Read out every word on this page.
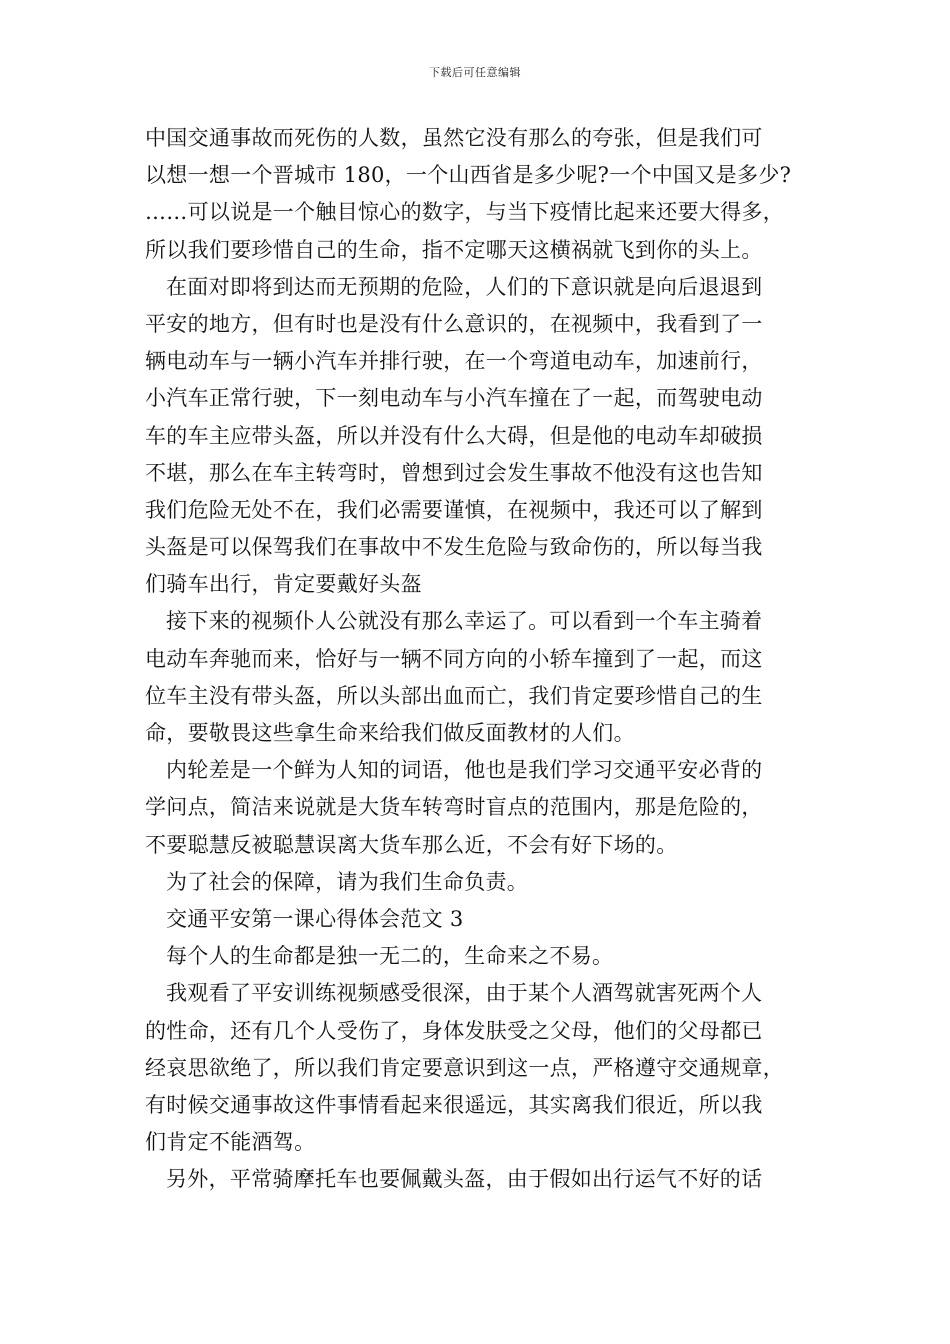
下载后可任意编辑
中国交通事故而死伤的人数，虽然它没有那么的夸张，但是我们可
以想一想一个晋城市 180，一个山西省是多少呢?一个中国又是多少?
……可以说是一个触目惊心的数字，与当下疫情比起来还要大得多，
所以我们要珍惜自己的生命，指不定哪天这横祸就飞到你的头上。
在面对即将到达而无预期的危险，人们的下意识就是向后退退到
平安的地方，但有时也是没有什么意识的，在视频中，我看到了一
辆电动车与一辆小汽车并排行驶，在一个弯道电动车，加速前行，
小汽车正常行驶，下一刻电动车与小汽车撞在了一起，而驾驶电动
车的车主应带头盔，所以并没有什么大碍，但是他的电动车却破损
不堪，那么在车主转弯时，曾想到过会发生事故不他没有这也告知
我们危险无处不在，我们必需要谨慎，在视频中，我还可以了解到
头盔是可以保驾我们在事故中不发生危险与致命伤的，所以每当我
们骑车出行，肯定要戴好头盔
接下来的视频仆人公就没有那么幸运了。可以看到一个车主骑着
电动车奔驰而来，恰好与一辆不同方向的小轿车撞到了一起，而这
位车主没有带头盔，所以头部出血而亡，我们肯定要珍惜自己的生
命，要敬畏这些拿生命来给我们做反面教材的人们。
内轮差是一个鲜为人知的词语，他也是我们学习交通平安必背的
学问点，简洁来说就是大货车转弯时盲点的范围内，那是危险的，
不要聪慧反被聪慧误离大货车那么近，不会有好下场的。
为了社会的保障，请为我们生命负责。
交通平安第一课心得体会范文 3
每个人的生命都是独一无二的，生命来之不易。
我观看了平安训练视频感受很深，由于某个人酒驾就害死两个人
的性命，还有几个人受伤了，身体发肤受之父母，他们的父母都已
经哀思欲绝了，所以我们肯定要意识到这一点，严格遵守交通规章，
有时候交通事故这件事情看起来很遥远，其实离我们很近，所以我
们肯定不能酒驾。
另外，平常骑摩托车也要佩戴头盔，由于假如出行运气不好的话
